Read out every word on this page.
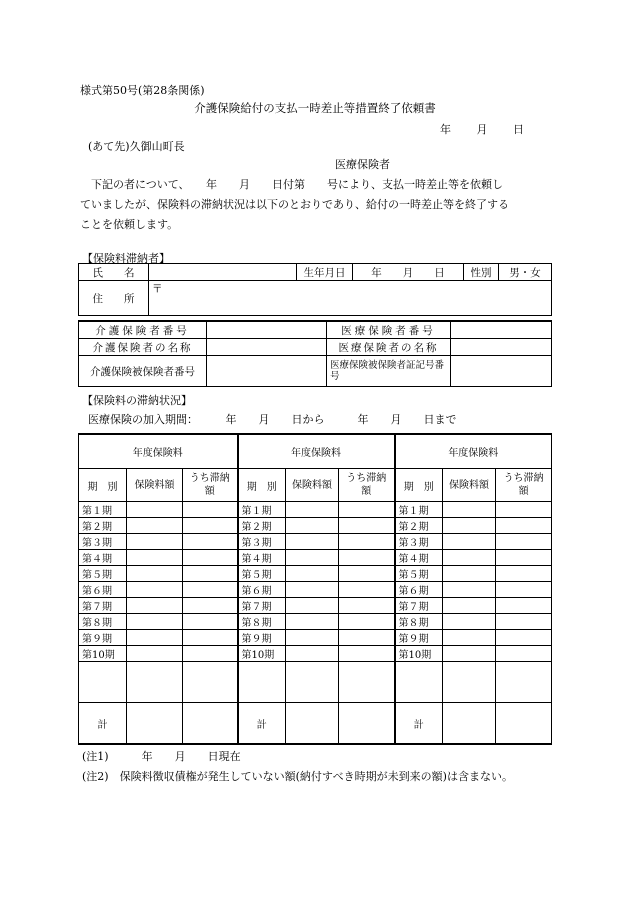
様式第50号(第28条関係)
介護保険給付の支払一時差止等措置終了依頼書
年 月 日
(あて先)久御山町長
医療保険者

下記の者について、　　年　　月　　日付第　　号により、支払一時差止等を依頼し

ていましたが、保険料の滞納状況は以下のとおりであり、給付の一時差止等を終了する

ことを依頼します。

【保険料滞納者】
氏　　名		生年月日	年　　月　　日	性別	男・女
住　　所	〒				
介護保険者番号		医療保険者番号	
介護保険者の名称		医療保険者の名称	
介護保険被保険者番号		医療保険被保険者証記号番号	
【保険料の滞納状況】
医療保険の加入期間：　　　年　　月　　日から　　　年　　月　　日まで
年度保険料			年度保険料			年度保険料		
期　別	保険料額	うち滞納額	期　別	保険料額	うち滞納額	期　別	保険料額	うち滞納額
第１期			第１期			第１期		
第２期			第２期			第２期		
第３期			第３期			第３期		
第４期			第４期			第４期		
第５期			第５期			第５期		
第６期			第６期			第６期		
第７期			第７期			第７期		
第８期			第８期			第８期		
第９期			第９期			第９期		
第10期			第10期			第10期		

計			計			計		
(注1)　　　年　　月　　日現在
(注2)　保険料徴収債権が発生していない額(納付すべき時期が未到来の額)は含まない。
